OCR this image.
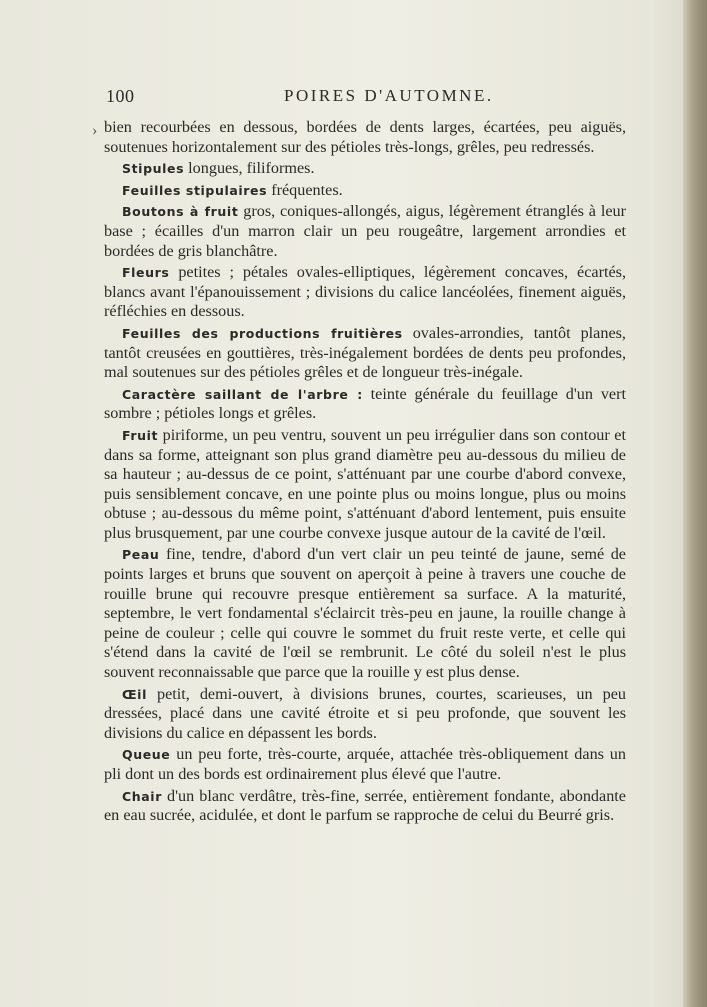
100	POIRES D'AUTOMNE.
› bien recourbées en dessous, bordées de dents larges, écartées, peu aiguës, soutenues horizontalement sur des pétioles très-longs, grêles, peu redressés.

Stipules longues, filiformes.

Feuilles stipulaires fréquentes.

Boutons à fruit gros, coniques-allongés, aigus, légèrement étranglés à leur base ; écailles d'un marron clair un peu rougeâtre, largement arrondies et bordées de gris blanchâtre.

Fleurs petites ; pétales ovales-elliptiques, légèrement concaves, écartés, blancs avant l'épanouissement ; divisions du calice lancéolées, finement aiguës, réfléchies en dessous.

Feuilles des productions fruitières ovales-arrondies, tantôt planes, tantôt creusées en gouttières, très-inégalement bordées de dents peu profondes, mal soutenues sur des pétioles grêles et de longueur très-inégale.

Caractère saillant de l'arbre : teinte générale du feuillage d'un vert sombre ; pétioles longs et grêles.

Fruit piriforme, un peu ventru, souvent un peu irrégulier dans son contour et dans sa forme, atteignant son plus grand diamètre peu au-dessous du milieu de sa hauteur ; au-dessus de ce point, s'atténuant par une courbe d'abord convexe, puis sensiblement concave, en une pointe plus ou moins longue, plus ou moins obtuse ; au-dessous du même point, s'atténuant d'abord lentement, puis ensuite plus brusquement, par une courbe convexe jusque autour de la cavité de l'œil.

Peau fine, tendre, d'abord d'un vert clair un peu teinté de jaune, semé de points larges et bruns que souvent on aperçoit à peine à travers une couche de rouille brune qui recouvre presque entièrement sa surface. A la maturité, septembre, le vert fondamental s'éclaircit très-peu en jaune, la rouille change à peine de couleur ; celle qui couvre le sommet du fruit reste verte, et celle qui s'étend dans la cavité de l'œil se rembrunit. Le côté du soleil n'est le plus souvent reconnaissable que parce que la rouille y est plus dense.

Œil petit, demi-ouvert, à divisions brunes, courtes, scarieuses, un peu dressées, placé dans une cavité étroite et si peu profonde, que souvent les divisions du calice en dépassent les bords.

Queue un peu forte, très-courte, arquée, attachée très-obliquement dans un pli dont un des bords est ordinairement plus élevé que l'autre.

Chair d'un blanc verdâtre, très-fine, serrée, entièrement fondante, abondante en eau sucrée, acidulée, et dont le parfum se rapproche de celui du Beurré gris.
